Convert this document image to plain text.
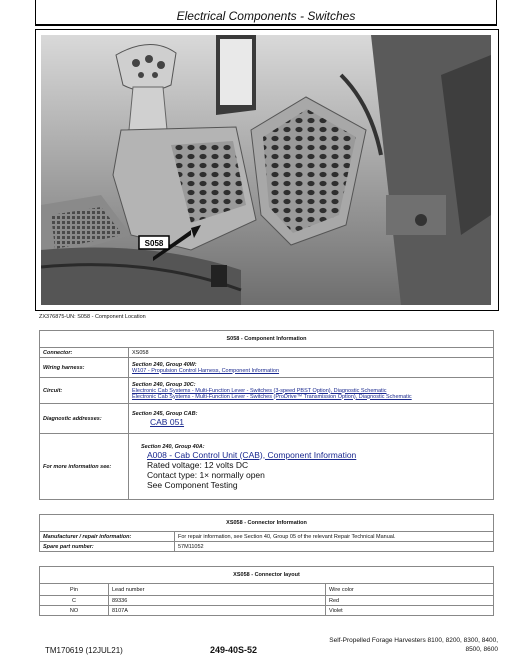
Electrical Components - Switches
S058
ZX376875-UN: S058 - Component Location
S058 - Component Information	
Connector:	XS058
Wiring harness:	Section 240, Group 40W:
W107 - Propulsion Control Harness, Component Information

Circuit:	Section 240, Group 30C:
Electronic Cab Systems - Multi-Function Lever - Switches (3-speed PBST Option), Diagnostic Schematic
Electronic Cab Systems - Multi-Function Lever - Switches (ProDrive™ Transmission Option), Diagnostic Schematic

Diagnostic addresses:	Section 245, Group CAB:
CAB 051

For more information see:	Section 240, Group 40A:
A008 - Cab Control Unit (CAB), Component Information
Rated voltage: 12 volts DC
Contact type: 1× normally open
See Component Testing
XS058 - Connector Information	
Manufacturer / repair information:	For repair information, see Section 40, Group 05 of the relevant Repair Technical Manual.
Spare part number:	57M11052
XS058 - Connector layout		
Pin	Lead number	Wire color
C	89336	Red
NO	8107A	Violet
TM170619 (12JUL21)	249-40S-52
Self-Propelled Forage Harvesters 8100, 8200, 8300, 8400,
8500, 8600
